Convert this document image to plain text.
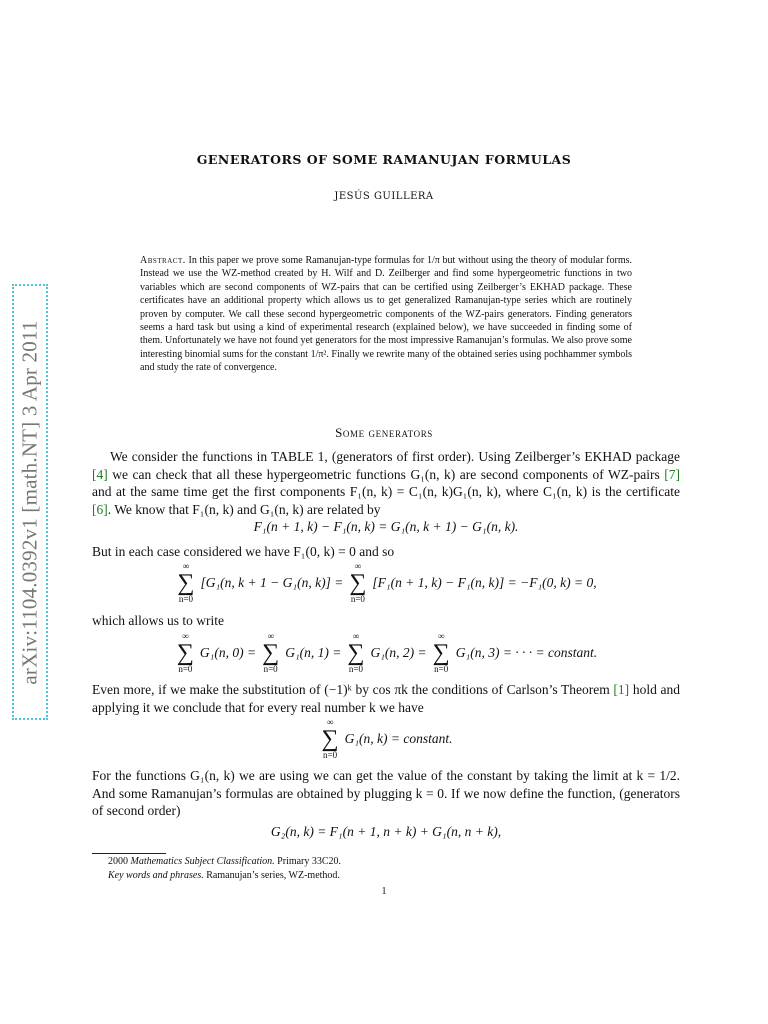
arXiv:1104.0392v1 [math.NT] 3 Apr 2011
GENERATORS OF SOME RAMANUJAN FORMULAS
JESÚS GUILLERA
Abstract. In this paper we prove some Ramanujan-type formulas for 1/π but without using the theory of modular forms. Instead we use the WZ-method created by H. Wilf and D. Zeilberger and find some hypergeometric functions in two variables which are second components of WZ-pairs that can be certified using Zeilberger’s EKHAD package. These certificates have an additional property which allows us to get generalized Ramanujan-type series which are routinely proven by computer. We call these second hypergeometric components of the WZ-pairs generators. Finding generators seems a hard task but using a kind of experimental research (explained below), we have succeeded in finding some of them. Unfortunately we have not found yet generators for the most impressive Ramanujan’s formulas. We also prove some interesting binomial sums for the constant 1/π². Finally we rewrite many of the obtained series using pochhammer symbols and study the rate of convergence.
Some generators
We consider the functions in TABLE 1, (generators of first order). Using Zeilberger’s EKHAD package [4] we can check that all these hypergeometric functions G₁(n, k) are second components of WZ-pairs [7] and at the same time get the first components F₁(n, k) = C₁(n, k)G₁(n, k), where C₁(n, k) is the certificate [6]. We know that F₁(n, k) and G₁(n, k) are related by
F₁(n + 1, k) − F₁(n, k) = G₁(n, k + 1) − G₁(n, k).
But in each case considered we have F₁(0, k) = 0 and so
∞
∑
n=0
[G₁(n, k + 1 − G₁(n, k)] =
∞
∑
n=0
[F₁(n + 1, k) − F₁(n, k)] = −F₁(0, k) = 0,
which allows us to write
∞
∑
n=0
G₁(n, 0) =
∞
∑
n=0
G₁(n, 1) =
∞
∑
n=0
G₁(n, 2) =
∞
∑
n=0
G₁(n, 3) = · · · = constant.
Even more, if we make the substitution of (−1)ᵏ by cos πk the conditions of Carlson’s Theorem [1] hold and applying it we conclude that for every real number k we have
∞
∑
n=0
G₁(n, k) = constant.
For the functions G₁(n, k) we are using we can get the value of the constant by taking the limit at k = 1/2. And some Ramanujan’s formulas are obtained by plugging k = 0. If we now define the function, (generators of second order)
G₂(n, k) = F₁(n + 1, n + k) + G₁(n, n + k),
2000 Mathematics Subject Classification. Primary 33C20.
Key words and phrases. Ramanujan’s series, WZ-method.
1
